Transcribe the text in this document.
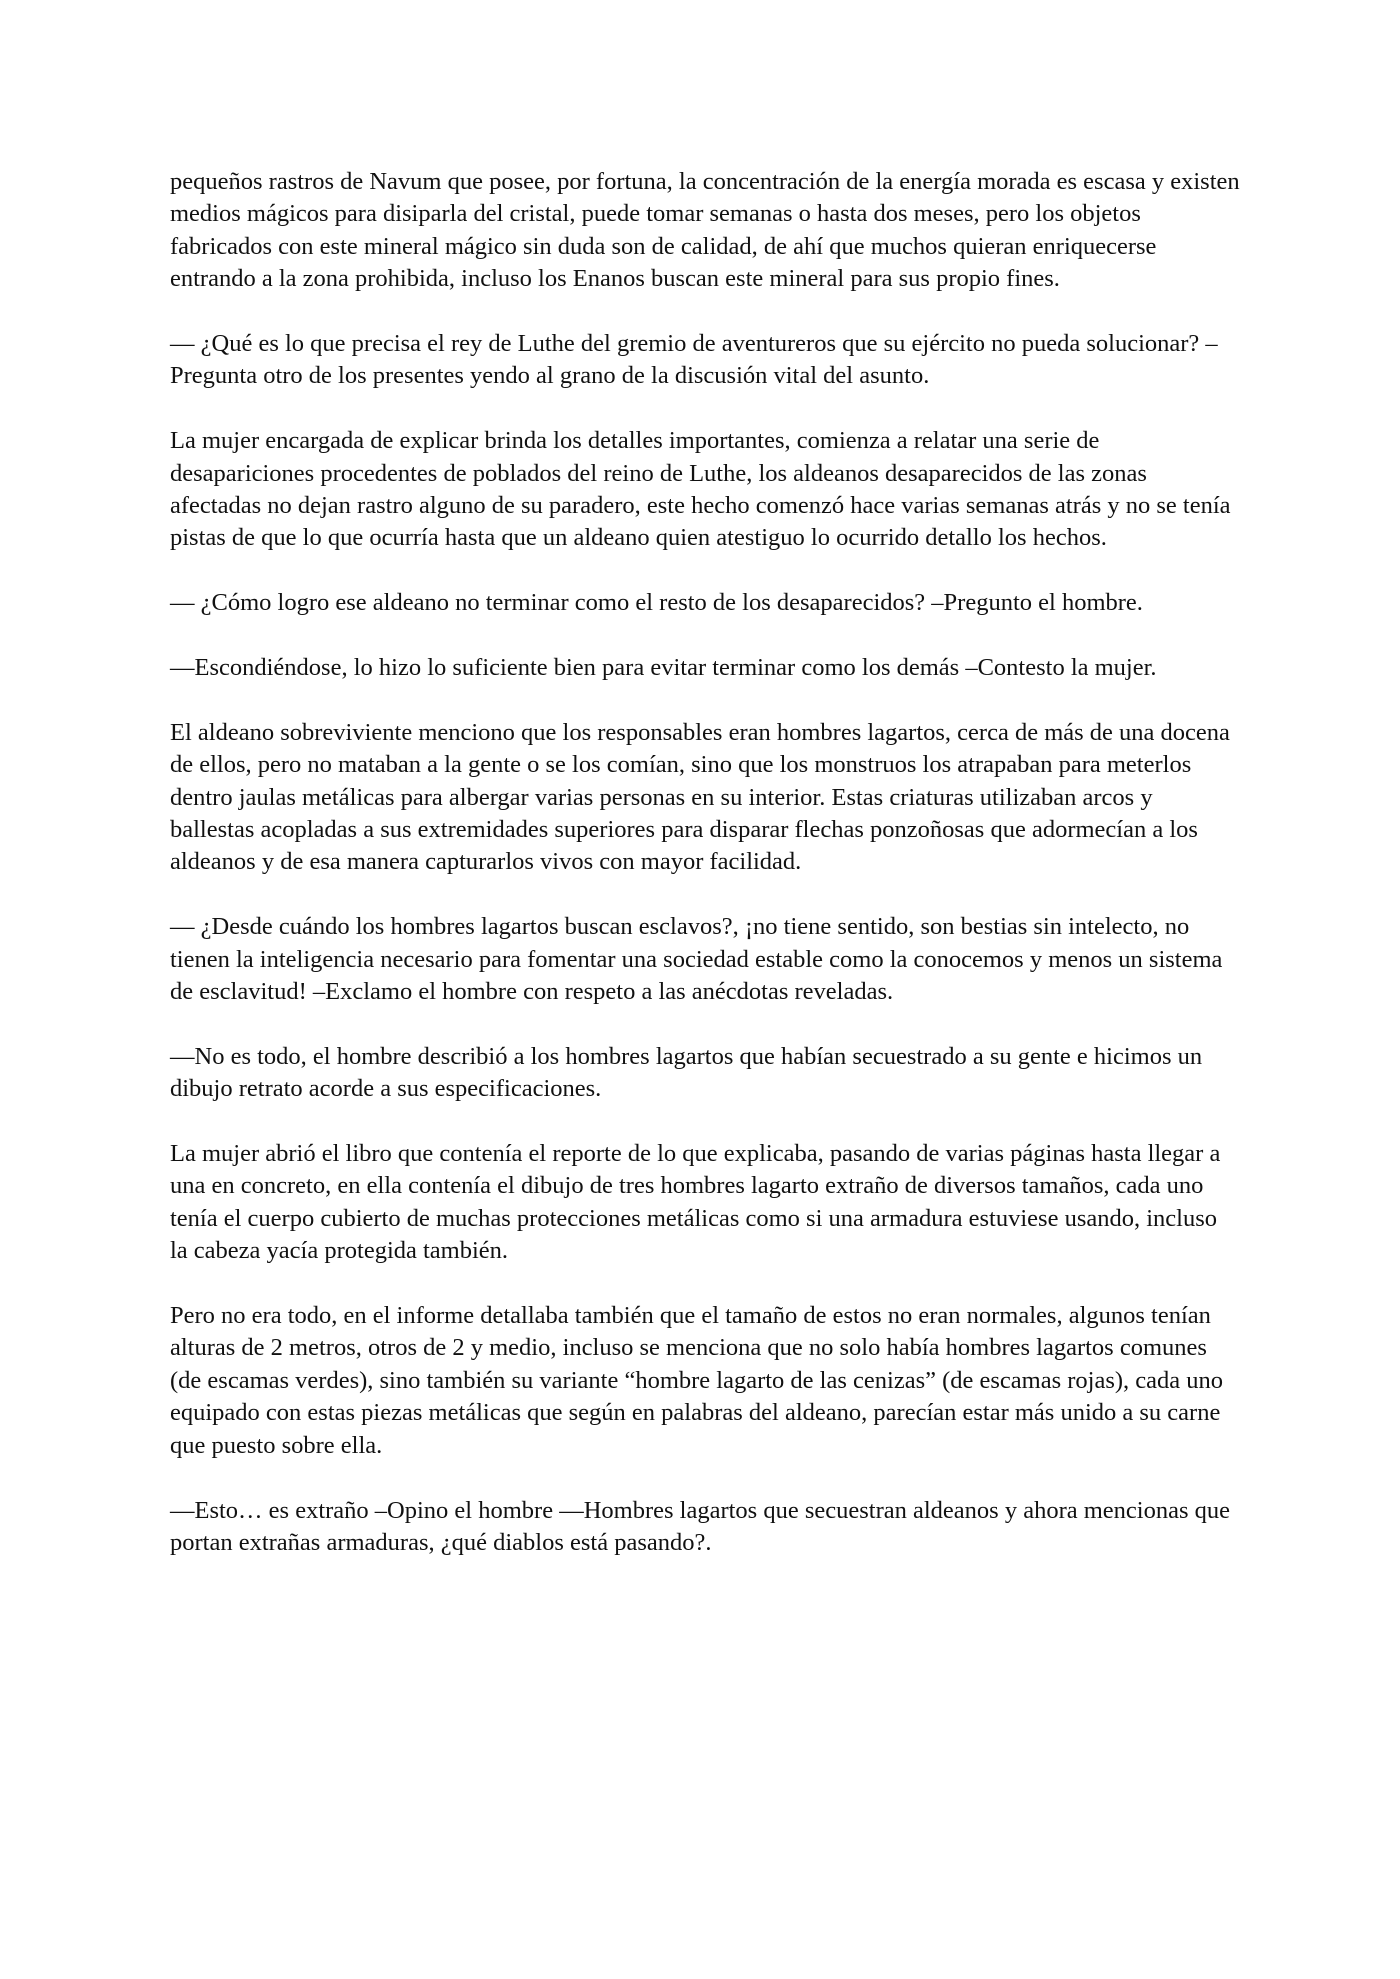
pequeños rastros de Navum que posee, por fortuna, la concentración de la energía morada es escasa y existen medios mágicos para disiparla del cristal, puede tomar semanas o hasta dos meses, pero los objetos fabricados con este mineral mágico sin duda son de calidad, de ahí que muchos quieran enriquecerse entrando a la zona prohibida, incluso los Enanos buscan este mineral para sus propio fines.

— ¿Qué es lo que precisa el rey de Luthe del gremio de aventureros que su ejército no pueda solucionar? –Pregunta otro de los presentes yendo al grano de la discusión vital del asunto.

La mujer encargada de explicar brinda los detalles importantes, comienza a relatar una serie de desapariciones procedentes de poblados del reino de Luthe, los aldeanos desaparecidos de las zonas afectadas no dejan rastro alguno de su paradero, este hecho comenzó hace varias semanas atrás y no se tenía pistas de que lo que ocurría hasta que un aldeano quien atestiguo lo ocurrido detallo los hechos.

— ¿Cómo logro ese aldeano no terminar como el resto de los desaparecidos? –Pregunto el hombre.

—Escondiéndose, lo hizo lo suficiente bien para evitar terminar como los demás –Contesto la mujer.

El aldeano sobreviviente menciono que los responsables eran hombres lagartos, cerca de más de una docena de ellos, pero no mataban a la gente o se los comían, sino que los monstruos los atrapaban para meterlos dentro jaulas metálicas para albergar varias personas en su interior. Estas criaturas utilizaban arcos y ballestas acopladas a sus extremidades superiores para disparar flechas ponzoñosas que adormecían a los aldeanos y de esa manera capturarlos vivos con mayor facilidad.

— ¿Desde cuándo los hombres lagartos buscan esclavos?, ¡no tiene sentido, son bestias sin intelecto, no tienen la inteligencia necesario para fomentar una sociedad estable como la conocemos y menos un sistema de esclavitud! –Exclamo el hombre con respeto a las anécdotas reveladas.

—No es todo, el hombre describió a los hombres lagartos que habían secuestrado a su gente e hicimos un dibujo retrato acorde a sus especificaciones.

La mujer abrió el libro que contenía el reporte de lo que explicaba, pasando de varias páginas hasta llegar a una en concreto, en ella contenía el dibujo de tres hombres lagarto extraño de diversos tamaños, cada uno tenía el cuerpo cubierto de muchas protecciones metálicas como si una armadura estuviese usando, incluso la cabeza yacía protegida también.

Pero no era todo, en el informe detallaba también que el tamaño de estos no eran normales, algunos tenían alturas de 2 metros, otros de 2 y medio, incluso se menciona que no solo había hombres lagartos comunes (de escamas verdes), sino también su variante “hombre lagarto de las cenizas” (de escamas rojas), cada uno equipado con estas piezas metálicas que según en palabras del aldeano, parecían estar más unido a su carne que puesto sobre ella.

—Esto… es extraño –Opino el hombre —Hombres lagartos que secuestran aldeanos y ahora mencionas que portan extrañas armaduras, ¿qué diablos está pasando?.
